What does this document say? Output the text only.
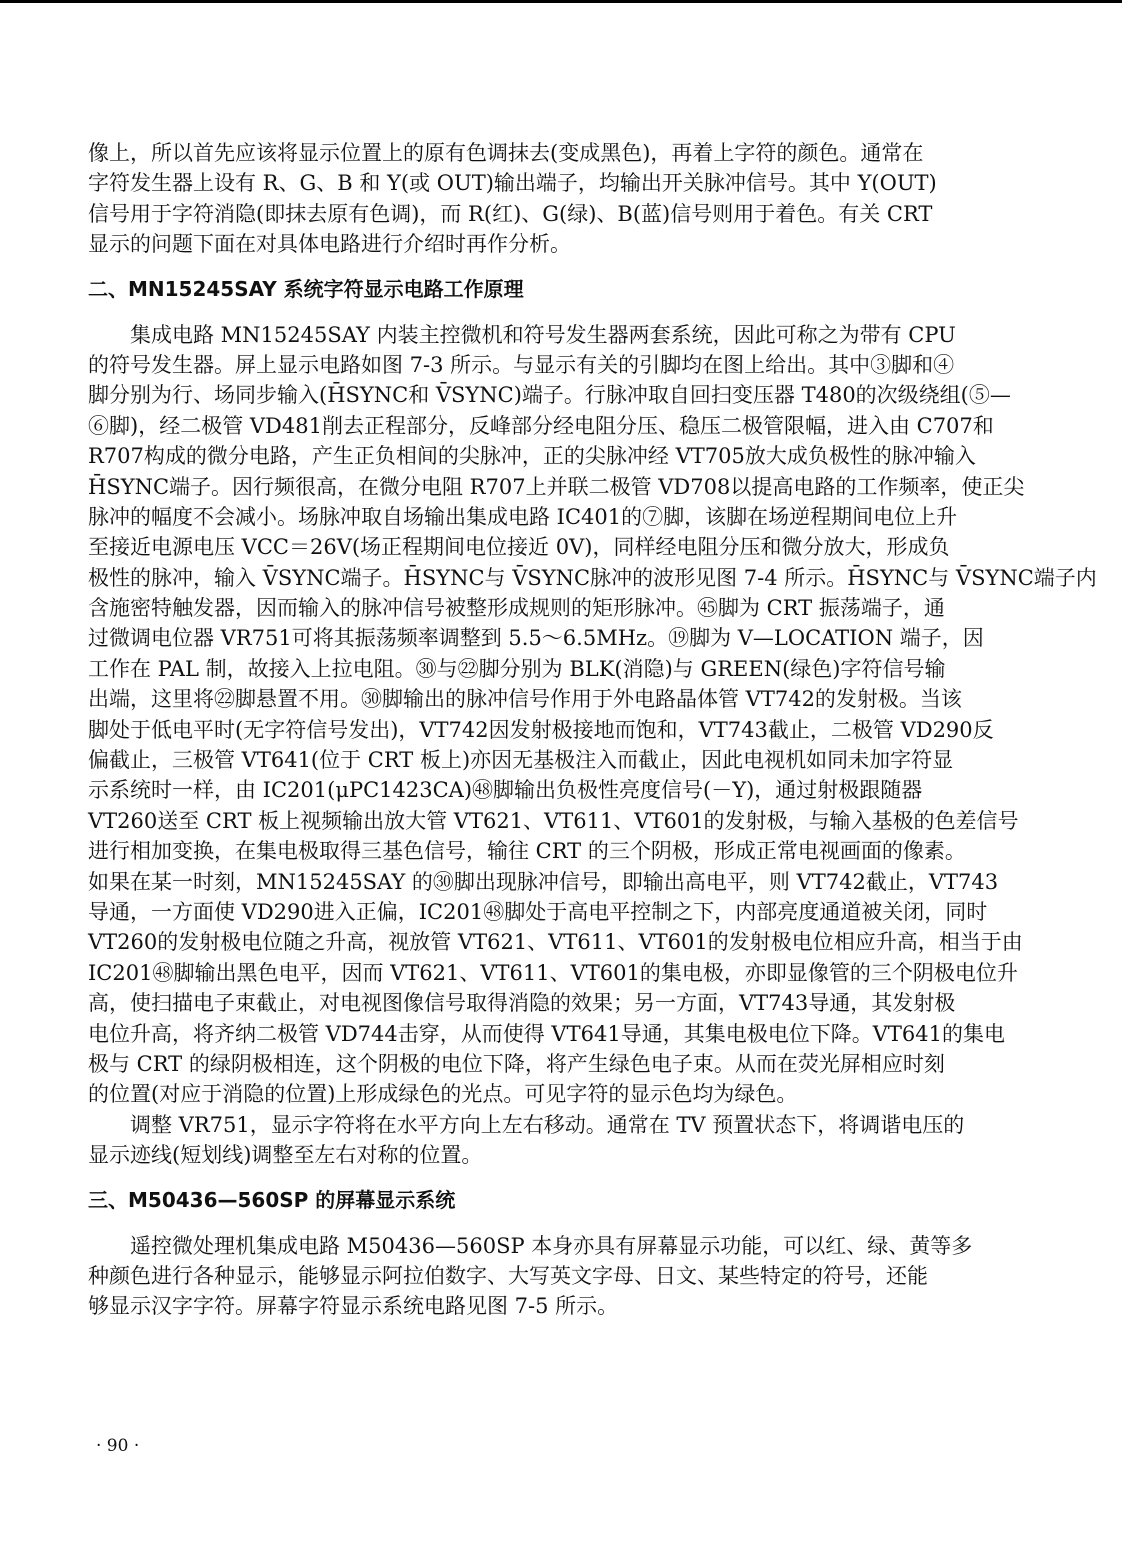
像上，所以首先应该将显示位置上的原有色调抹去(变成黑色)，再着上字符的颜色。通常在
字符发生器上设有 R、G、B 和 Y(或 OUT)输出端子，均输出开关脉冲信号。其中 Y(OUT)
信号用于字符消隐(即抹去原有色调)，而 R(红)、G(绿)、B(蓝)信号则用于着色。有关 CRT
显示的问题下面在对具体电路进行介绍时再作分析。
二、MN15245SAY 系统字符显示电路工作原理
　　集成电路 MN15245SAY 内装主控微机和符号发生器两套系统，因此可称之为带有 CPU
的符号发生器。屏上显示电路如图 7-3 所示。与显示有关的引脚均在图上给出。其中③脚和④
脚分别为行、场同步输入(H̄SYNC和 V̄SYNC)端子。行脉冲取自回扫变压器 T480的次级绕组(⑤—
⑥脚)，经二极管 VD481削去正程部分，反峰部分经电阻分压、稳压二极管限幅，进入由 C707和
R707构成的微分电路，产生正负相间的尖脉冲，正的尖脉冲经 VT705放大成负极性的脉冲输入
H̄SYNC端子。因行频很高，在微分电阻 R707上并联二极管 VD708以提高电路的工作频率，使正尖
脉冲的幅度不会减小。场脉冲取自场输出集成电路 IC401的⑦脚，该脚在场逆程期间电位上升
至接近电源电压 VCC＝26V(场正程期间电位接近 0V)，同样经电阻分压和微分放大，形成负
极性的脉冲，输入 V̄SYNC端子。H̄SYNC与 V̄SYNC脉冲的波形见图 7-4 所示。H̄SYNC与 V̄SYNC端子内
含施密特触发器，因而输入的脉冲信号被整形成规则的矩形脉冲。㊺脚为 CRT 振荡端子，通
过微调电位器 VR751可将其振荡频率调整到 5.5～6.5MHz。⑲脚为 V—LOCATION 端子，因
工作在 PAL 制，故接入上拉电阻。㉚与㉒脚分别为 BLK(消隐)与 GREEN(绿色)字符信号输
出端，这里将㉒脚悬置不用。㉚脚输出的脉冲信号作用于外电路晶体管 VT742的发射极。当该
脚处于低电平时(无字符信号发出)，VT742因发射极接地而饱和，VT743截止，二极管 VD290反
偏截止，三极管 VT641(位于 CRT 板上)亦因无基极注入而截止，因此电视机如同未加字符显
示系统时一样，由 IC201(μPC1423CA)㊽脚输出负极性亮度信号(－Y)，通过射极跟随器
VT260送至 CRT 板上视频输出放大管 VT621、VT611、VT601的发射极，与输入基极的色差信号
进行相加变换，在集电极取得三基色信号，输往 CRT 的三个阴极，形成正常电视画面的像素。
如果在某一时刻，MN15245SAY 的㉚脚出现脉冲信号，即输出高电平，则 VT742截止，VT743
导通，一方面使 VD290进入正偏，IC201㊽脚处于高电平控制之下，内部亮度通道被关闭，同时
VT260的发射极电位随之升高，视放管 VT621、VT611、VT601的发射极电位相应升高，相当于由
IC201㊽脚输出黑色电平，因而 VT621、VT611、VT601的集电极，亦即显像管的三个阴极电位升
高，使扫描电子束截止，对电视图像信号取得消隐的效果；另一方面，VT743导通，其发射极
电位升高，将齐纳二极管 VD744击穿，从而使得 VT641导通，其集电极电位下降。VT641的集电
极与 CRT 的绿阴极相连，这个阴极的电位下降，将产生绿色电子束。从而在荧光屏相应时刻
的位置(对应于消隐的位置)上形成绿色的光点。可见字符的显示色均为绿色。
　　调整 VR751，显示字符将在水平方向上左右移动。通常在 TV 预置状态下，将调谐电压的
显示迹线(短划线)调整至左右对称的位置。
三、M50436—560SP 的屏幕显示系统
　　遥控微处理机集成电路 M50436—560SP 本身亦具有屏幕显示功能，可以红、绿、黄等多
种颜色进行各种显示，能够显示阿拉伯数字、大写英文字母、日文、某些特定的符号，还能
够显示汉字字符。屏幕字符显示系统电路见图 7-5 所示。
· 90 ·
